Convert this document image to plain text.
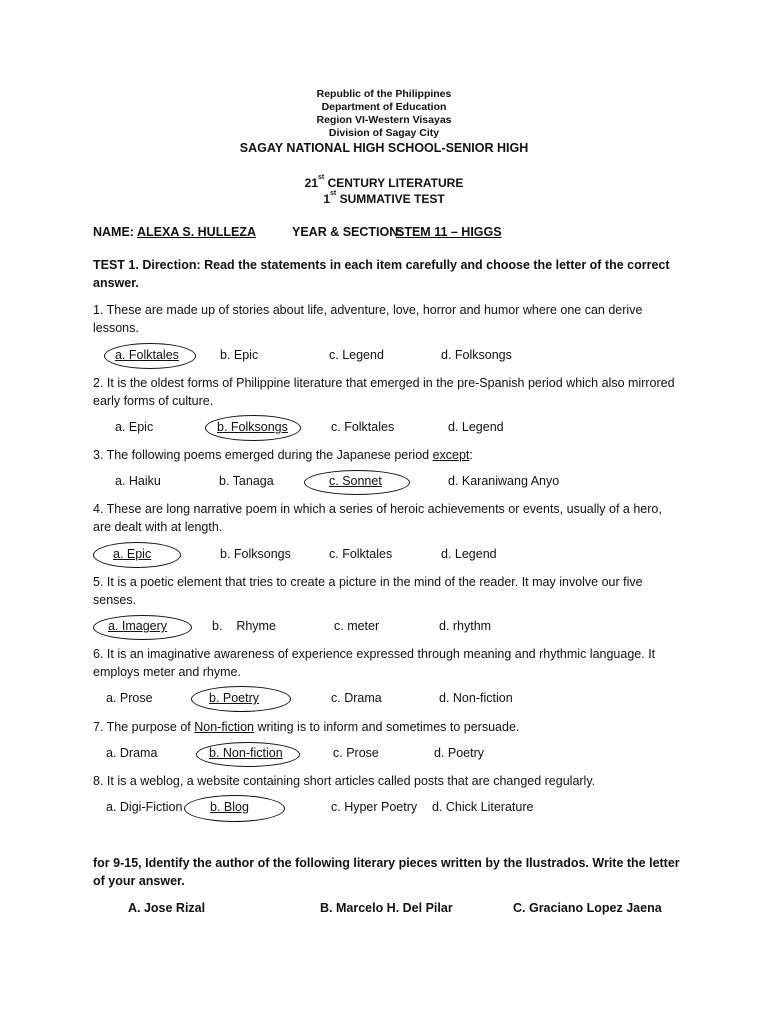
Republic of the Philippines
Department of Education
Region VI-Western Visayas
Division of Sagay City
SAGAY NATIONAL HIGH SCHOOL-SENIOR HIGH
21st CENTURY LITERATURE
1st SUMMATIVE TEST
NAME: ALEXA S. HULLEZA	YEAR & SECTION:
STEM 11 – HIGGS
TEST 1. Direction: Read the statements in each item carefully and choose the letter of the correct answer.
1. These are made up of stories about life, adventure, love, horror and humor where one can derive lessons.
a. Folktales	b. Epic	c. Legend	d. Folksongs
2. It is the oldest forms of Philippine literature that emerged in the pre-Spanish period which also mirrored early forms of culture.
a. Epic	b. Folksongs	c. Folktales	d. Legend
3. The following poems emerged during the Japanese period except:
a. Haiku	b. Tanaga	c. Sonnet	d. Karaniwang Anyo
4. These are long narrative poem in which a series of heroic achievements or events, usually of a hero, are dealt with at length.
a. Epic	b. Folksongs	c. Folktales	d. Legend
5. It is a poetic element that tries to create a picture in the mind of the reader. It may involve our five senses.
a. Imagery	b.    Rhyme	c. meter	d. rhythm
6. It is an imaginative awareness of experience expressed through meaning and rhythmic language. It employs meter and rhyme.
a. Prose	b. Poetry	c. Drama	d. Non-fiction
7. The purpose of Non-fiction writing is to inform and sometimes to persuade.
a. Drama	b. Non-fiction	c. Prose	d. Poetry
8. It is a weblog, a website containing short articles called posts that are changed regularly.
a. Digi-Fiction b. Blog	c. Hyper Poetry d. Chick Literature
for 9-15, Identify the author of the following literary pieces written by the Ilustrados. Write the letter of your answer.
A. Jose Rizal	B. Marcelo H. Del Pilar	C. Graciano Lopez Jaena
